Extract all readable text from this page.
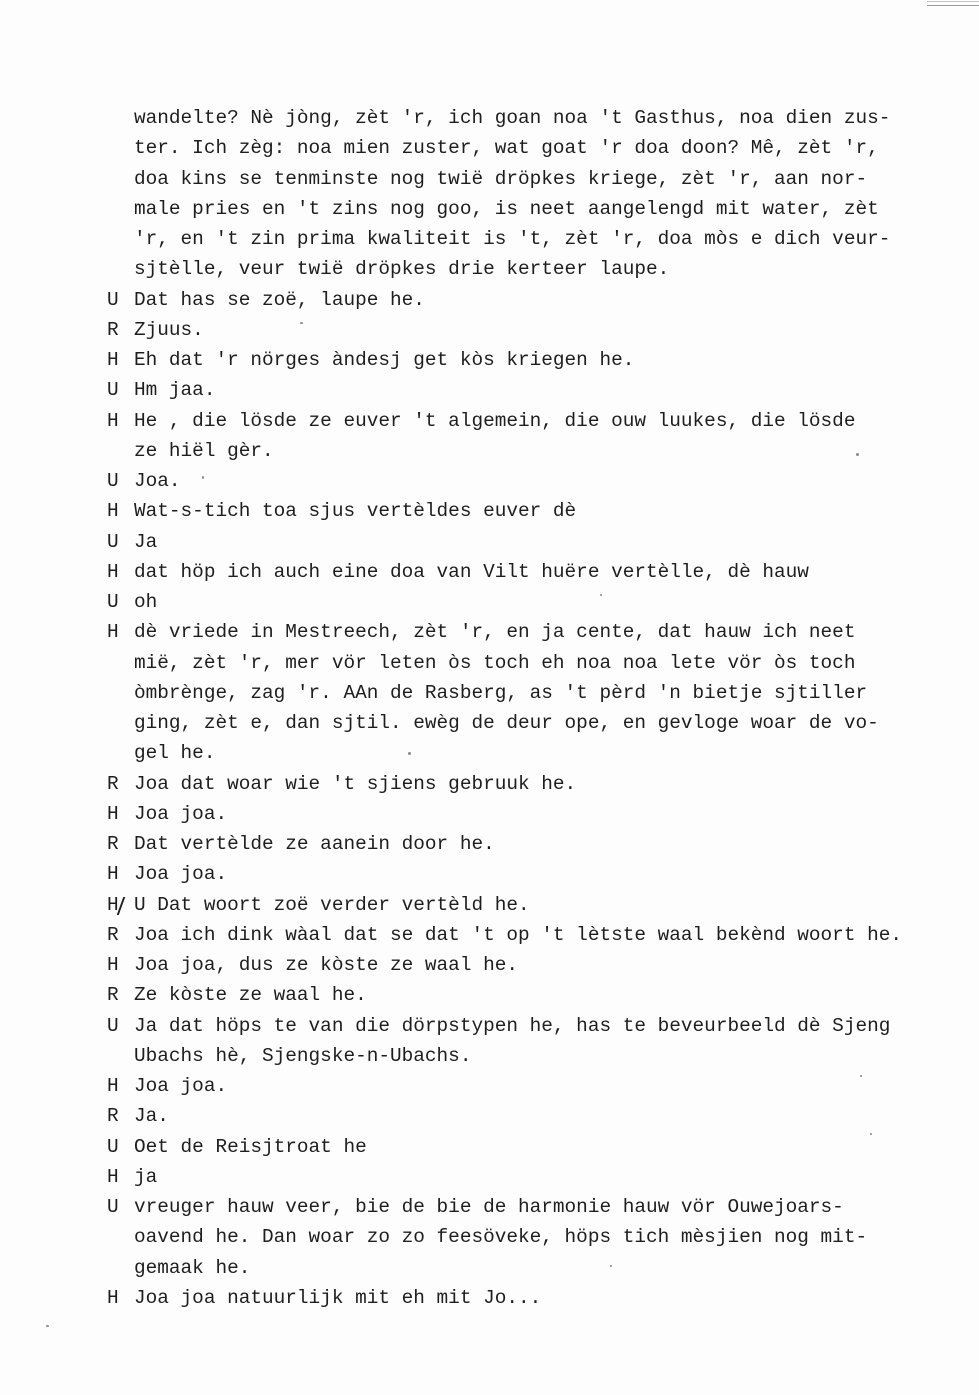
wandelte? Nè jòng, zèt 'r, ich goan noa 't Gasthus, noa dien zus-
ter. Ich zèg: noa mien zuster, wat goat 'r doa doon? Mê, zèt 'r,
doa kins se tenminste nog twië dröpkes kriege, zèt 'r, aan nor-
male pries en 't zins nog goo, is neet aangelengd mit water, zèt
'r, en 't zin prima kwaliteit is 't, zèt 'r, doa mòs e dich veur-
sjtèlle, veur twië dröpkes drie kerteer laupe.
U Dat has se zoë, laupe he.
R Zjuus.
H Eh dat 'r nörges àndesj get kòs kriegen he.
U Hm jaa.
H He , die lösde ze euver 't algemein, die ouw luukes, die lösde
ze hiël gèr.
U Joa.
H Wat-s-tich toa sjus vertèldes euver dè
U Ja
H dat höp ich auch eine doa van Vilt huëre vertèlle, dè hauw
U oh
H dè vriede in Mestreech, zèt 'r, en ja cente, dat hauw ich neet
mië, zèt 'r, mer vör leten òs toch eh noa noa lete vör òs toch
òmbrènge, zag 'r. AAn de Rasberg, as 't pèrd 'n bietje sjtiller
ging, zèt e, dan sjtil. ewèg de deur ope, en gevloge woar de vo-
gel he.
R Joa dat woar wie 't sjiens gebruuk he.
H Joa joa.
R Dat vertèlde ze aanein door he.
H Joa joa.
H U Dat woort zoë verder vertèld he.
R Joa ich dink wàal dat se dat 't op 't lètste waal bekènd woort he.
H Joa joa, dus ze kòste ze waal he.
R Ze kòste ze waal he.
U Ja dat höps te van die dörpstypen he, has te beveurbeeld dè Sjeng
Ubachs hè, Sjengske-n-Ubachs.
H Joa joa.
R Ja.
U Oet de Reisjtroat he
H ja
U vreuger hauw veer, bie de bie de harmonie hauw vör Ouwejoars-
oavend he. Dan woar zo zo feesöveke, höps tich mèsjien nog mit-
gemaak he.
H Joa joa natuurlijk mit eh mit Jo...
